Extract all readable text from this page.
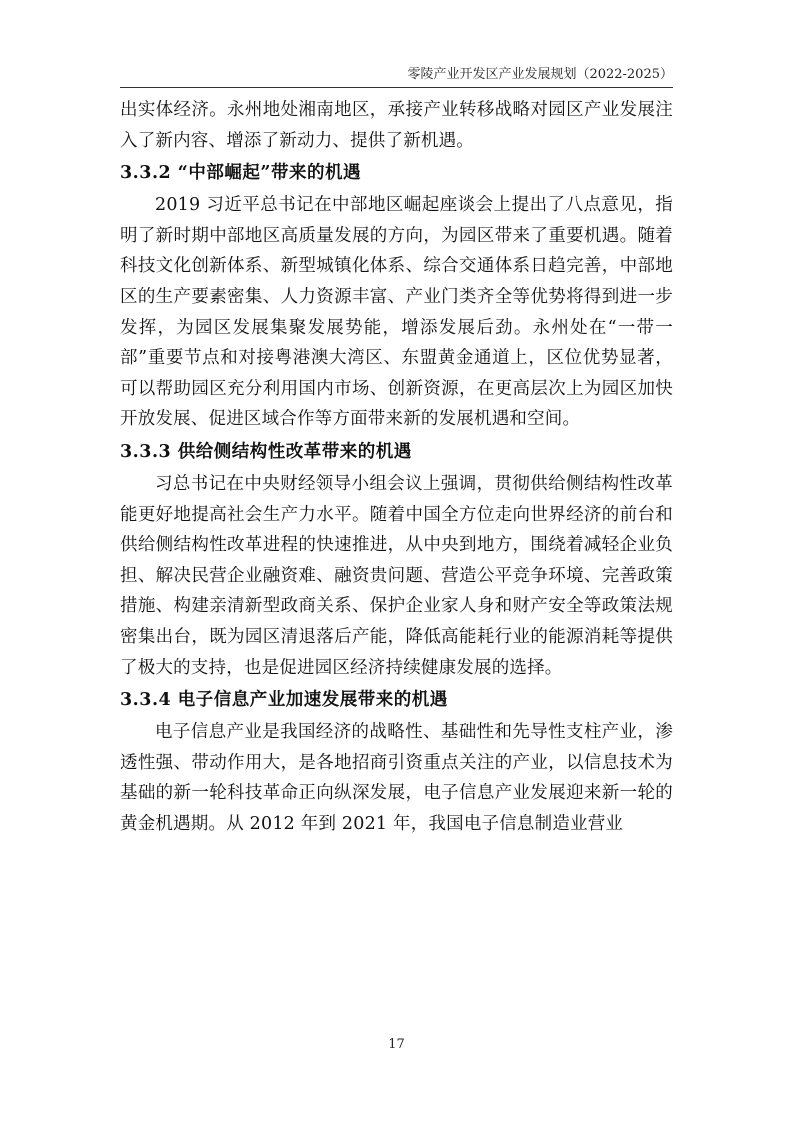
零陵产业开发区产业发展规划（2022-2025）

出实体经济。永州地处湘南地区，承接产业转移战略对园区产业发展注入了新内容、增添了新动力、提供了新机遇。

3.3.2 “中部崛起”带来的机遇

2019 习近平总书记在中部地区崛起座谈会上提出了八点意见，指明了新时期中部地区高质量发展的方向，为园区带来了重要机遇。随着科技文化创新体系、新型城镇化体系、综合交通体系日趋完善，中部地区的生产要素密集、人力资源丰富、产业门类齐全等优势将得到进一步发挥，为园区发展集聚发展势能，增添发展后劲。永州处在“一带一部”重要节点和对接粤港澳大湾区、东盟黄金通道上，区位优势显著，可以帮助园区充分利用国内市场、创新资源，在更高层次上为园区加快开放发展、促进区域合作等方面带来新的发展机遇和空间。

3.3.3 供给侧结构性改革带来的机遇

习总书记在中央财经领导小组会议上强调，贯彻供给侧结构性改革能更好地提高社会生产力水平。随着中国全方位走向世界经济的前台和供给侧结构性改革进程的快速推进，从中央到地方，围绕着减轻企业负担、解决民营企业融资难、融资贵问题、营造公平竞争环境、完善政策措施、构建亲清新型政商关系、保护企业家人身和财产安全等政策法规密集出台，既为园区清退落后产能，降低高能耗行业的能源消耗等提供了极大的支持，也是促进园区经济持续健康发展的选择。

3.3.4 电子信息产业加速发展带来的机遇

电子信息产业是我国经济的战略性、基础性和先导性支柱产业，渗透性强、带动作用大，是各地招商引资重点关注的产业，以信息技术为基础的新一轮科技革命正向纵深发展，电子信息产业发展迎来新一轮的黄金机遇期。从 2012 年到 2021 年，我国电子信息制造业营业

17
